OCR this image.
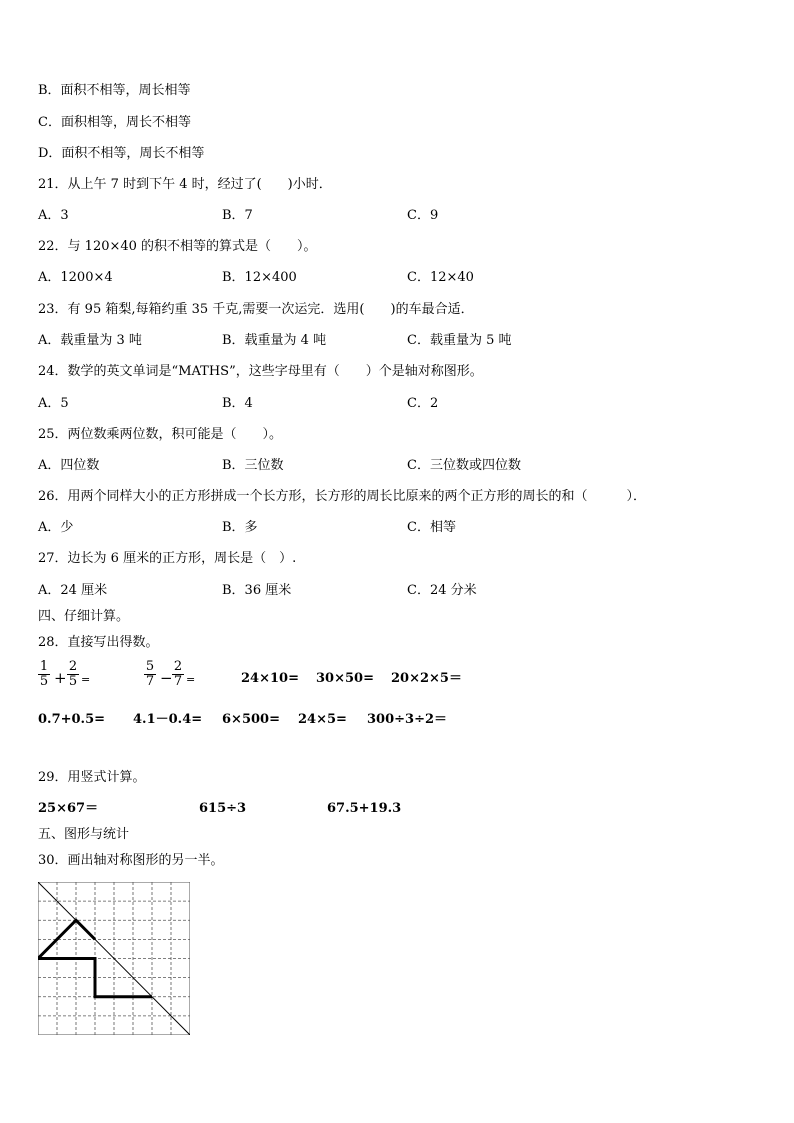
B．面积不相等，周长相等
C．面积相等，周长不相等
D．面积不相等，周长不相等
21．从上午 7 时到下午 4 时，经过了(　　)小时．
A．3	B．7	C．9
22．与 120×40 的积不相等的算式是（　　）。
A．1200×4	B．12×400	C．12×40
23．有 95 箱梨,每箱约重 35 千克,需要一次运完．选用(　　)的车最合适．
A．载重量为 3 吨	B．载重量为 4 吨	C．载重量为 5 吨
24．数学的英文单词是“MATHS”，这些字母里有（　　）个是轴对称图形。
A．5	B．4	C．2
25．两位数乘两位数，积可能是（　　）。
A．四位数	B．三位数	C．三位数或四位数
26．用两个同样大小的正方形拼成一个长方形，长方形的周长比原来的两个正方形的周长的和（　　　）．
A．少	B．多	C．相等
27．边长为 6 厘米的正方形，周长是（　）.
A．24 厘米	B．36 厘米	C．24 分米
四、仔细计算。
28．直接写出得数。
1
5 +
2
5 =
5
7 −
2
7 =	24×10= 30×50= 20×2×5＝
0.7+0.5= 4.1－0.4= 6×500= 24×5= 300÷3÷2＝
29．用竖式计算。
25×67＝	615÷3	67.5+19.3
五、图形与统计
30．画出轴对称图形的另一半。
